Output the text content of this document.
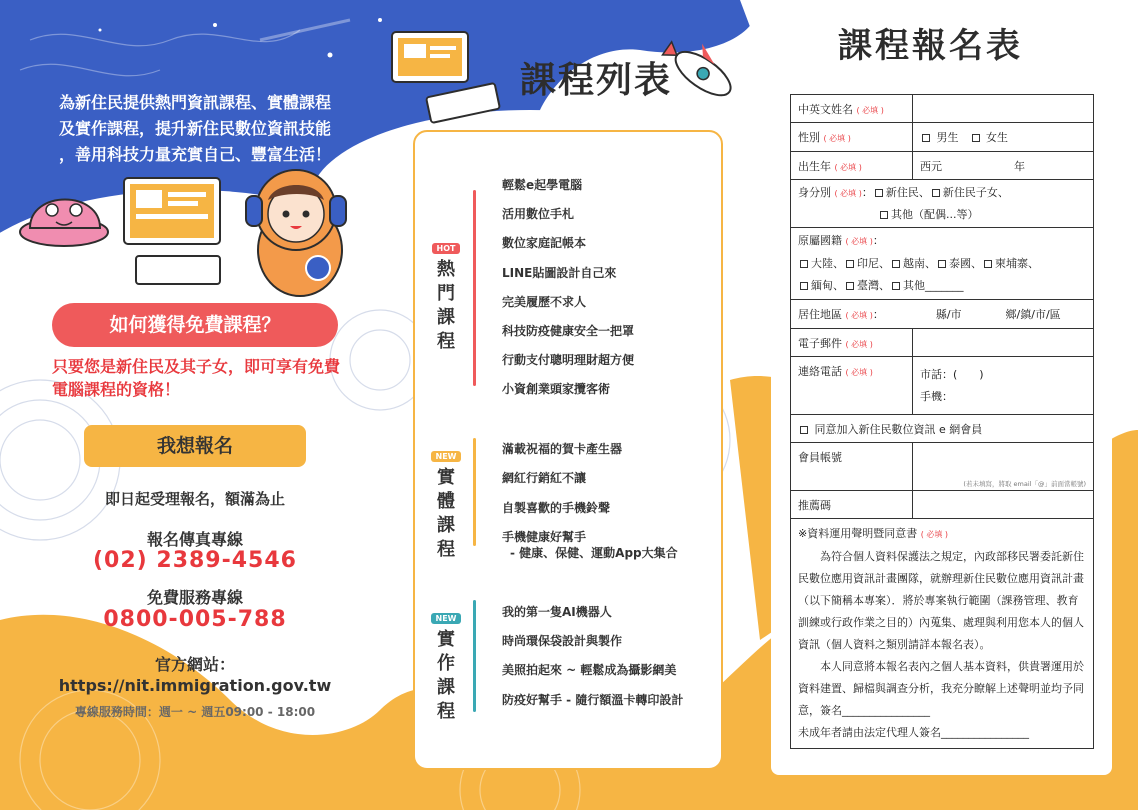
為新住民提供熱門資訊課程、實體課程
及實作課程，提升新住民數位資訊技能
，善用科技力量充實自己、豐富生活！
如何獲得免費課程？
只要您是新住民及其子女，即可享有免費電腦課程的資格！
我想報名
即日起受理報名，額滿為止
報名傳真專線
(02) 2389-4546
免費服務專線
0800-005-788
官方網站：
https://nit.immigration.gov.tw
專線服務時間：週一 ~ 週五09:00 - 18:00
課程列表
HOT
熱
門
課
程
輕鬆e起學電腦
活用數位手札
數位家庭記帳本
LINE貼圖設計自己來
完美履歷不求人
科技防疫健康安全一把罩
行動支付聰明理財超方便
小資創業頭家攬客術
NEW
實
體
課
程
滿載祝福的賀卡產生器
網紅行銷紅不讓
自製喜歡的手機鈴聲
手機健康好幫手
- 健康、保健、運動App大集合
NEW
實
作
課
程
我的第一隻AI機器人
時尚環保袋設計與製作
美照拍起來 ~ 輕鬆成為攝影網美
防疫好幫手 - 隨行額溫卡轉印設計
課程報名表
中英文姓名 ( 必填 )	
性別 ( 必填 )	男生　 女生
出生年 ( 必填 )	西元 年
身分別 ( 必填 )： 新住民、 新住民子女、
其他（配偶...等）	
原屬國籍 ( 必填 )：
大陸、 印尼、 越南、 泰國、 柬埔寨、
緬甸、 臺灣、 其他_______	
居住地區 ( 必填 )： 縣/市 鄉/鎮/市/區	
電子郵件 ( 必填 )	
連絡電話 ( 必填 )	市話：(　　)
手機：

同意加入新住民數位資訊 e 網會員	
會員帳號	(若未填寫，將取 email「@」前面當帳號)

推薦碼	

※資料運用聲明暨同意書 ( 必填 )

為符合個人資料保護法之規定，內政部移民署委託新住民數位應用資訊計畫團隊，就辦理新住民數位應用資訊計畫（以下簡稱本專案）．將於專案執行範圍（課務管理、教育訓練或行政作業之目的）內蒐集、處理與利用您本人的個人資訊（個人資料之類別請詳本報名表）。

本人同意將本報名表內之個人基本資料，供貴署運用於資料建置、歸檔與調查分析，我充分瞭解上述聲明並均予同意，簽名________________

未成年者請由法定代理人簽名________________	
